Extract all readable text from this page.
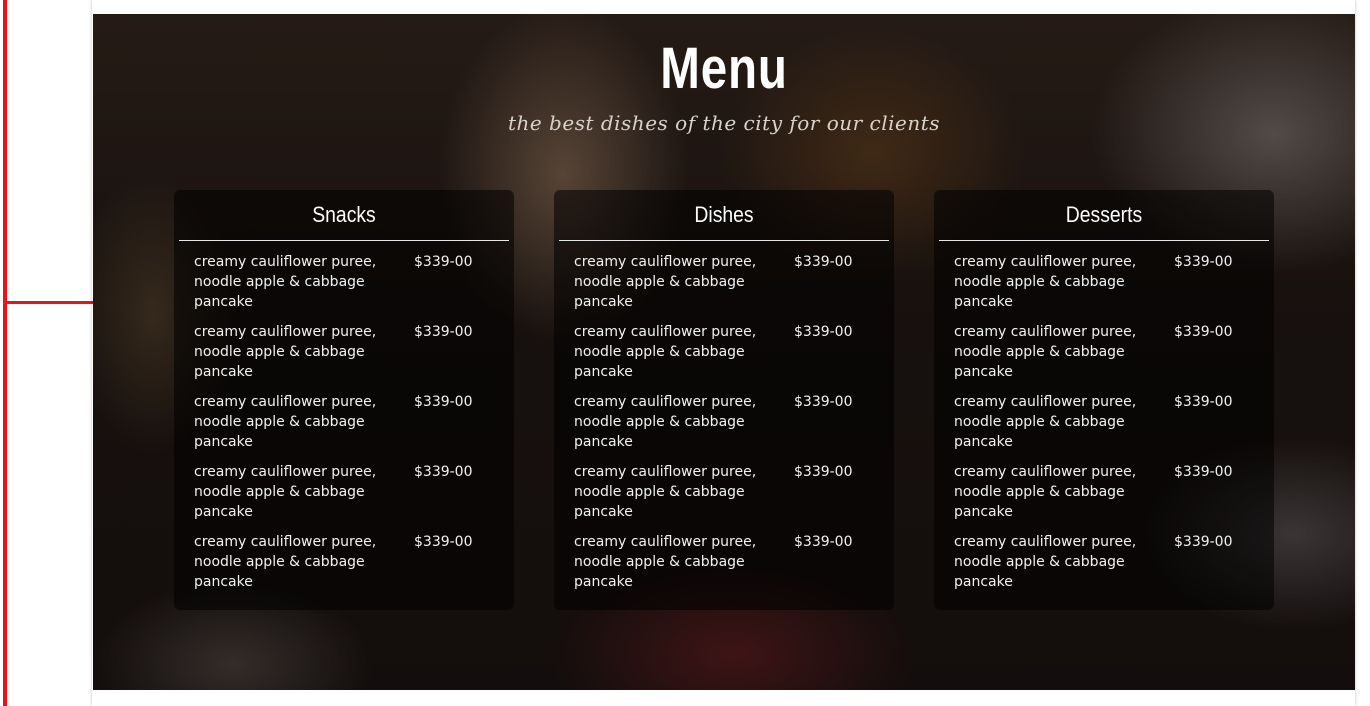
Menu
the best dishes of the city for our clients
Snacks
creamy cauliflower puree, noodle apple & cabbage pancake
$339-00
creamy cauliflower puree, noodle apple & cabbage pancake
$339-00
creamy cauliflower puree, noodle apple & cabbage pancake
$339-00
creamy cauliflower puree, noodle apple & cabbage pancake
$339-00
creamy cauliflower puree, noodle apple & cabbage pancake
$339-00
Dishes
creamy cauliflower puree, noodle apple & cabbage pancake
$339-00
creamy cauliflower puree, noodle apple & cabbage pancake
$339-00
creamy cauliflower puree, noodle apple & cabbage pancake
$339-00
creamy cauliflower puree, noodle apple & cabbage pancake
$339-00
creamy cauliflower puree, noodle apple & cabbage pancake
$339-00
Desserts
creamy cauliflower puree, noodle apple & cabbage pancake
$339-00
creamy cauliflower puree, noodle apple & cabbage pancake
$339-00
creamy cauliflower puree, noodle apple & cabbage pancake
$339-00
creamy cauliflower puree, noodle apple & cabbage pancake
$339-00
creamy cauliflower puree, noodle apple & cabbage pancake
$339-00
